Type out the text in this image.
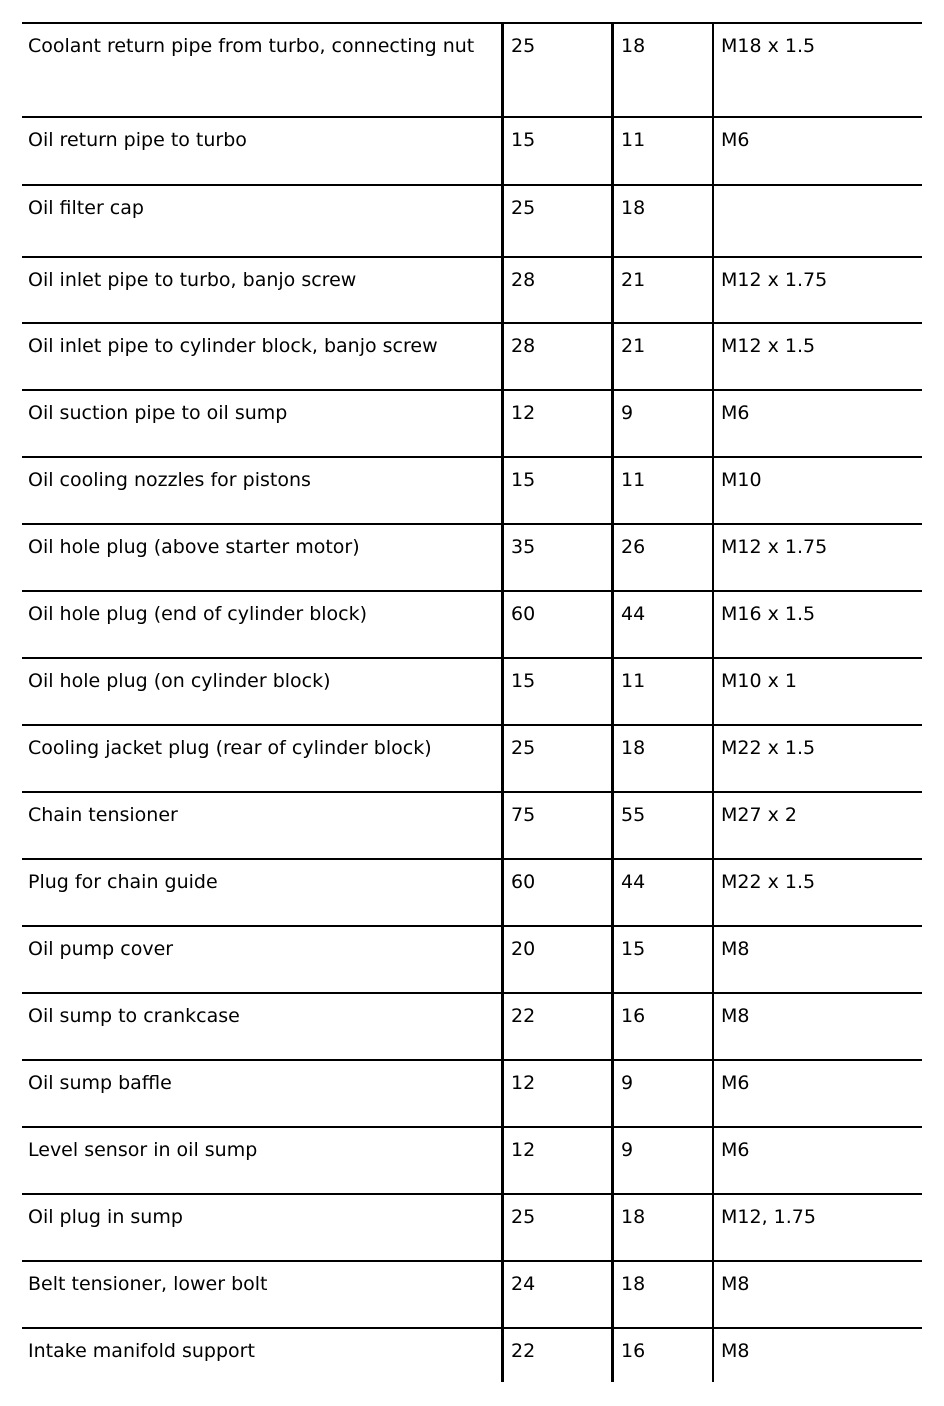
Coolant return pipe from turbo, connecting nut	25	18	M18 x 1.5
Oil return pipe to turbo	15	11	M6
Oil filter cap	25	18
Oil inlet pipe to turbo, banjo screw	28	21	M12 x 1.75
Oil inlet pipe to cylinder block, banjo screw	28	21	M12 x 1.5
Oil suction pipe to oil sump	12	9	M6
Oil cooling nozzles for pistons	15	11	M10
Oil hole plug (above starter motor)	35	26	M12 x 1.75
Oil hole plug (end of cylinder block)	60	44	M16 x 1.5
Oil hole plug (on cylinder block)	15	11	M10 x 1
Cooling jacket plug (rear of cylinder block)	25	18	M22 x 1.5
Chain tensioner	75	55	M27 x 2
Plug for chain guide	60	44	M22 x 1.5
Oil pump cover	20	15	M8
Oil sump to crankcase	22	16	M8
Oil sump baffle	12	9	M6
Level sensor in oil sump	12	9	M6
Oil plug in sump	25	18	M12, 1.75
Belt tensioner, lower bolt	24	18	M8
Intake manifold support	22	16	M8
